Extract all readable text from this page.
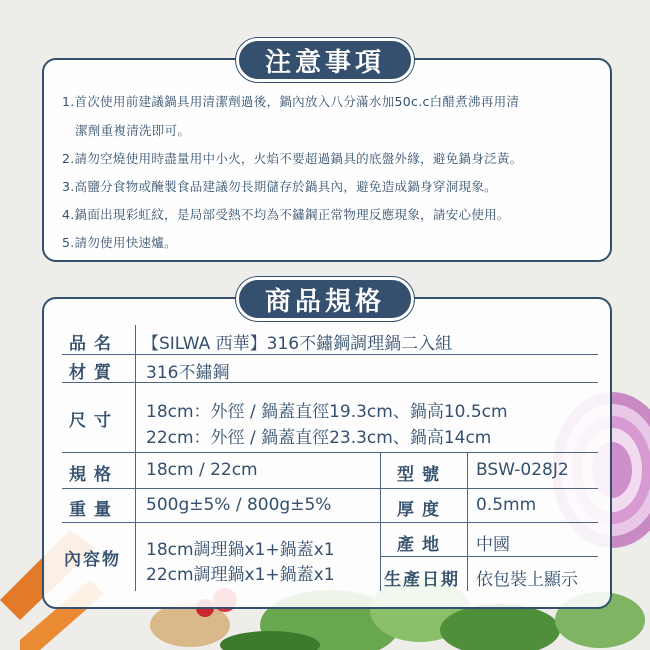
注意事項
1.首次使用前建議鍋具用清潔劑過後，鍋內放入八分滿水加50c.c白醋煮沸再用清
潔劑重複清洗即可。
2.請勿空燒使用時盡量用中小火，火焰不要超過鍋具的底盤外緣，避免鍋身泛黃。
3.高鹽分食物或醃製食品建議勿長期儲存於鍋具內，避免造成鍋身穿洞現象。
4.鍋面出現彩虹紋，是局部受熱不均為不鏽鋼正常物理反應現象，請安心使用。
5.請勿使用快速爐。
商品規格
品名 【SILWA 西華】316不鏽鋼調理鍋二入組
材質 316不鏽鋼
尺寸 18cm：外徑 / 鍋蓋直徑19.3cm、鍋高10.5cm
22cm：外徑 / 鍋蓋直徑23.3cm、鍋高14cm
規格 18cm / 22cm	型號 BSW-028J2
重量 500g±5% / 800g±5%	厚度 0.5mm
內容物 18cm調理鍋x1+鍋蓋x1
22cm調理鍋x1+鍋蓋x1
產地 中國
生產日期 依包裝上顯示
